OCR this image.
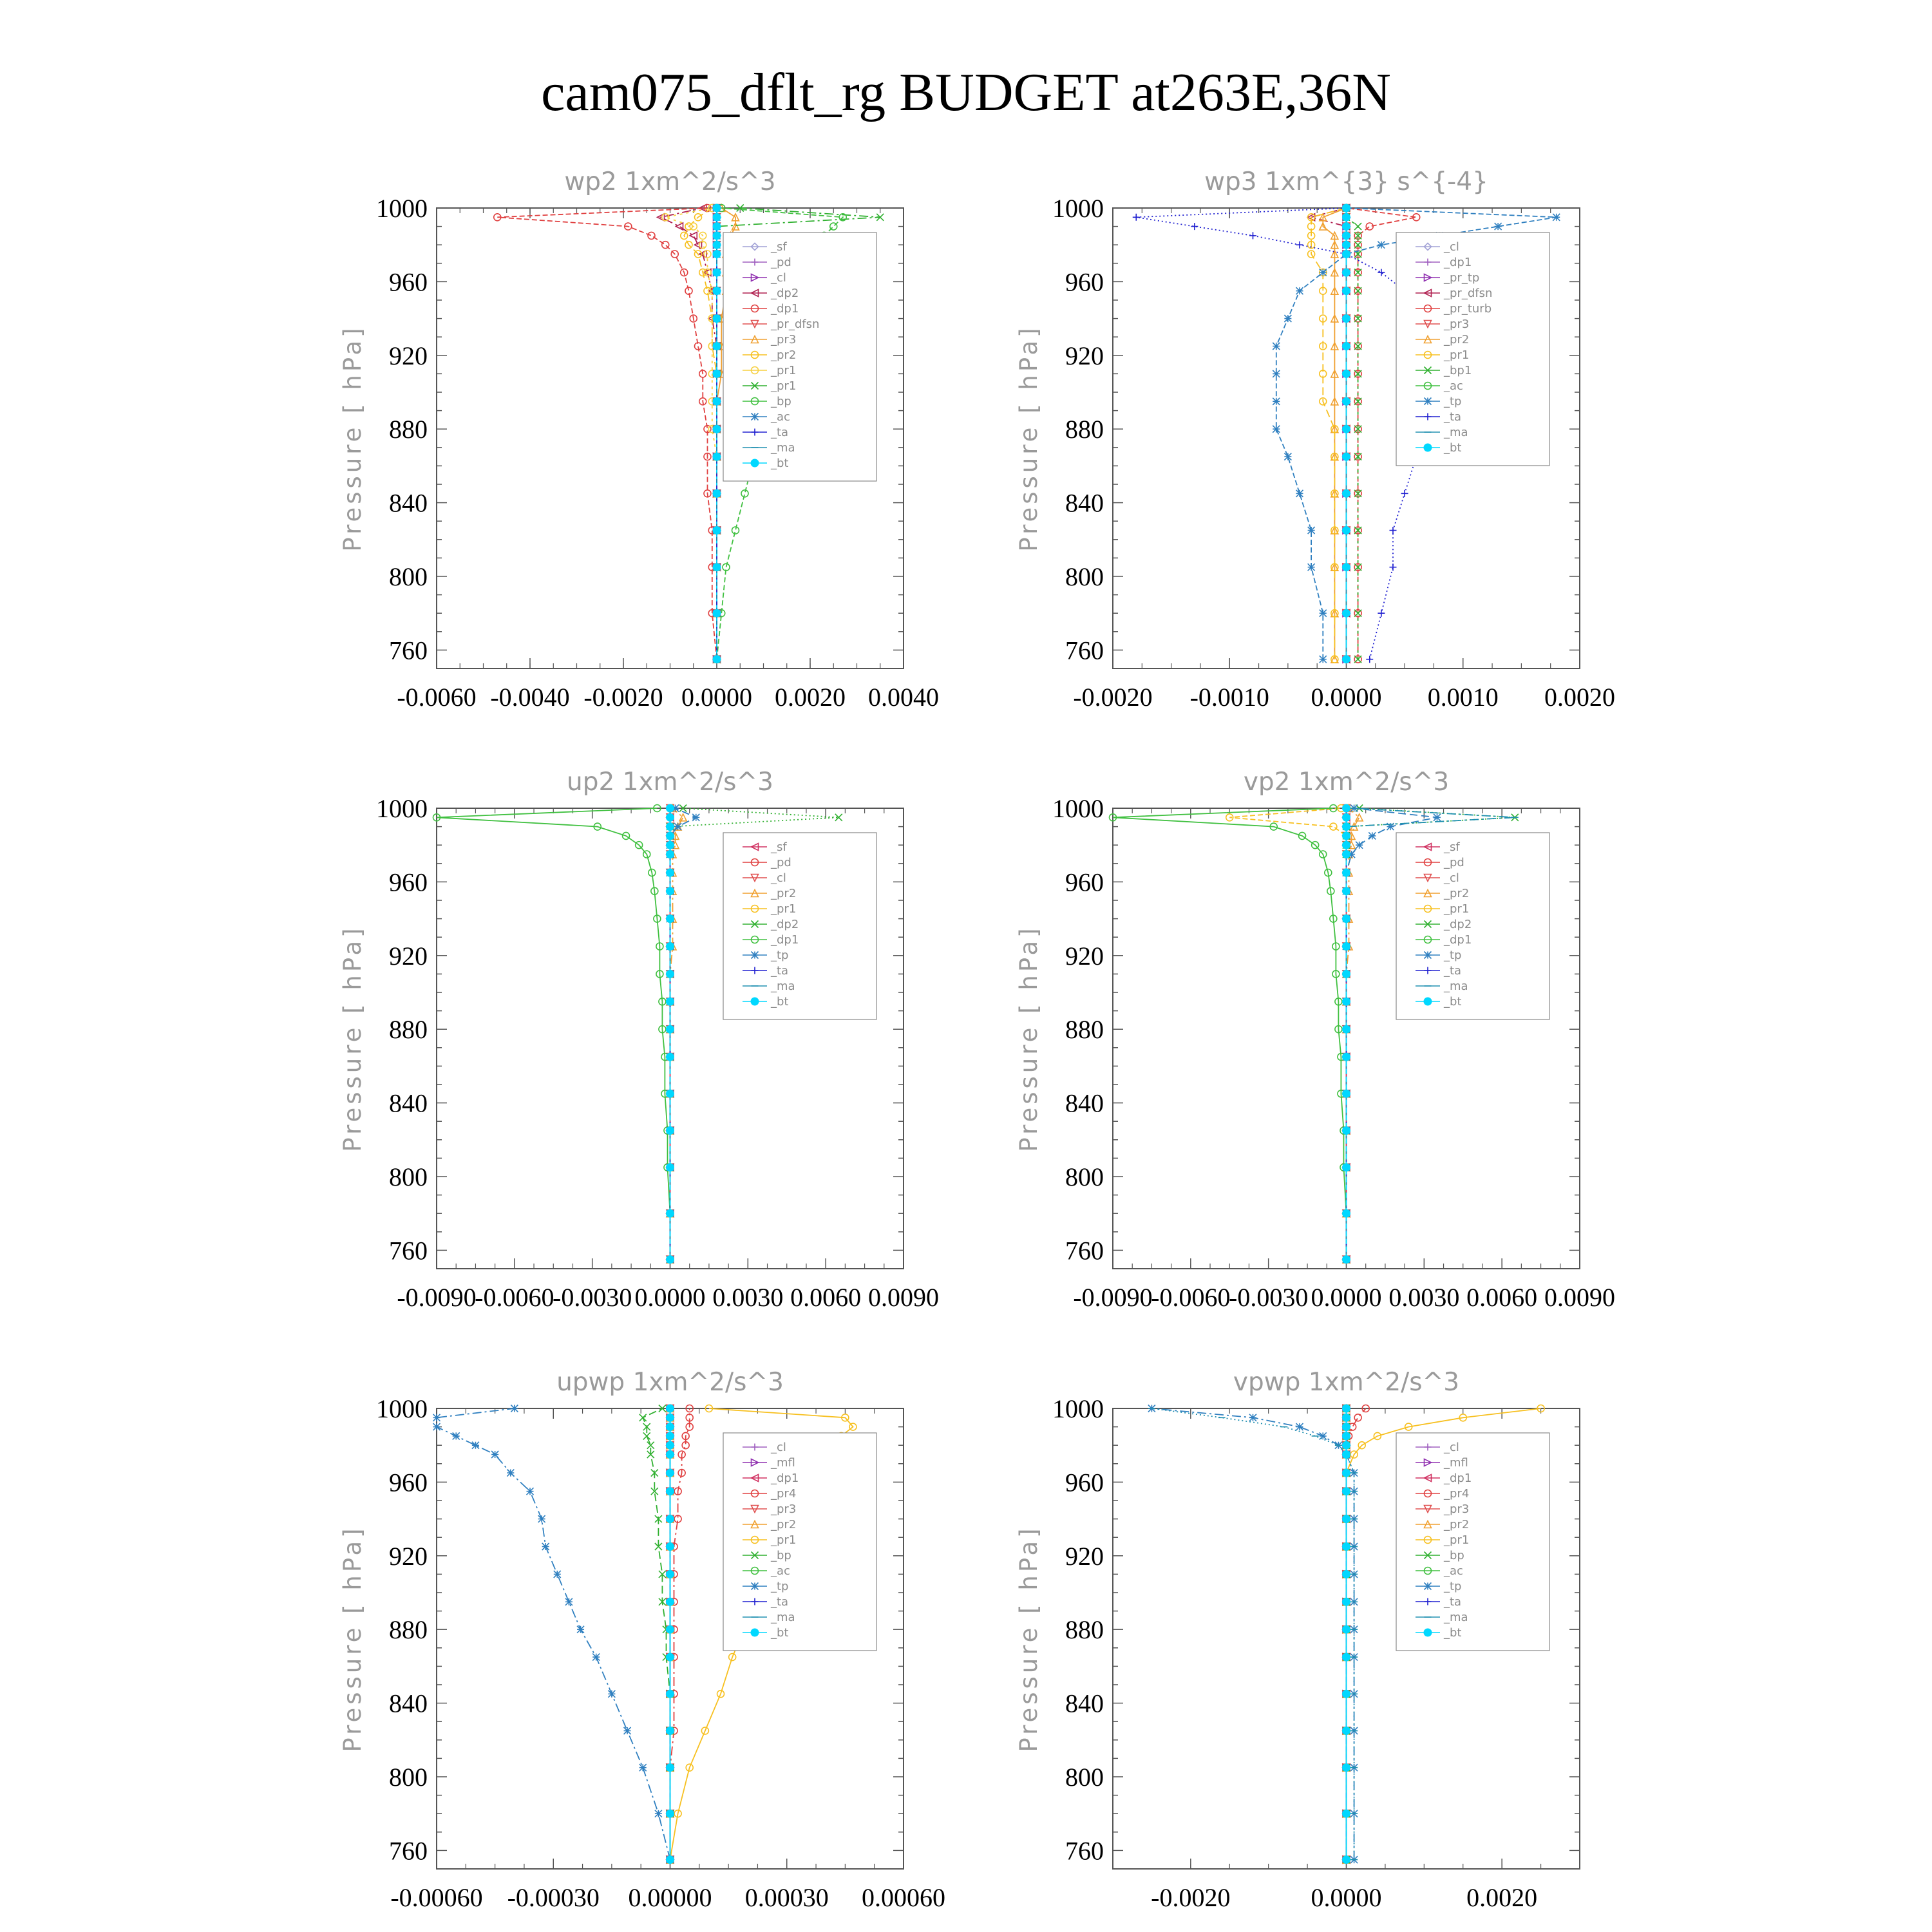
cam075_dflt_rg BUDGET at263E,36N
wp2 1xm^2/s^3
Pressure [ hPa]
760
800
840
880
920
960
1000
-0.0060 -0.0040 -0.0020 0.0000 0.0020 0.0040
_sf
_pd
_cl
_dp2
_dp1
_pr_dfsn
_pr3
_pr2
_pr1
_pr1
_bp
_ac
_ta
_ma
_bt
wp3 1xm^{3} s^{-4}
Pressure [ hPa]
760
800
840
880
920
960
1000
-0.0020 -0.0010 0.0000 0.0010 0.0020
_cl
_dp1
_pr_tp
_pr_dfsn
_pr_turb
_pr3
_pr2
_pr1
_bp1
_ac
_tp
_ta
_ma
_bt
up2 1xm^2/s^3
Pressure [ hPa]
760
800
840
880
920
960
1000
-0.0090
-0.0060
-0.0030 0.0000 0.0030 0.0060 0.0090
_sf
_pd
_cl
_pr2
_pr1
_dp2
_dp1
_tp
_ta
_ma
_bt
vp2 1xm^2/s^3
Pressure [ hPa]
760
800
840
880
920
960
1000
-0.0090
-0.0060
-0.0030 0.0000 0.0030 0.0060 0.0090
_sf
_pd
_cl
_pr2
_pr1
_dp2
_dp1
_tp
_ta
_ma
_bt
upwp 1xm^2/s^3
Pressure [ hPa]
760
800
840
880
920
960
1000
-0.00060 -0.00030 0.00000 0.00030 0.00060
_cl
_mfl
_dp1
_pr4
_pr3
_pr2
_pr1
_bp
_ac
_tp
_ta
_ma
_bt
vpwp 1xm^2/s^3
Pressure [ hPa]
760
800
840
880
920
960
1000
-0.0020	0.0000	0.0020
_cl
_mfl
_dp1
_pr4
_pr3
_pr2
_pr1
_bp
_ac
_tp
_ta
_ma
_bt
